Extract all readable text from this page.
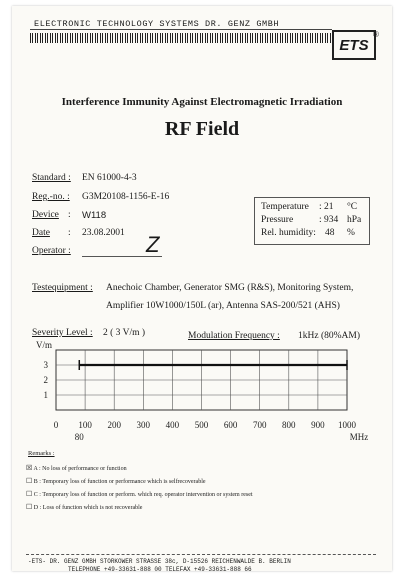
ELECTRONIC TECHNOLOGY SYSTEMS DR. GENZ GMBH
ETS
®
Interference Immunity Against Electromagnetic Irradiation
RF Field
Standard : EN 61000-4-3
Reg.-no. : G3M20108-1156-E-16
Device : W118
Date : 23.08.2001
Operator :	Z
Temperature : 21 °C
Pressure	: 934 hPa
Rel. humidity: 48 %
Testequipment : Anechoic Chamber, Generator SMG (R&S), Monitoring System,
Amplifier 10W1000/150L (ar), Antenna SAS-200/521 (AHS)
Severity Level : 2 ( 3 V/m )	Modulation Frequency : 1kHz (80%AM)
0 100 200 300 400 500 600 700 800 900 1000
80
3
2
1
V/m
MHz
Remarks :
☒ A : No loss of performance or function
☐ B : Temporary loss of function or performance which is selfrecoverable
☐ C : Temporary loss of function or perform. which req. operator intervention or system reset
☐ D : Loss of function which is not recoverable
-ETS- DR. GENZ GMBH STORKOWER STRASSE 38c, D-15526 REICHENWALDE B. BERLIN
TELEPHONE +49-33631-888 00 TELEFAX +49-33631-888 66
